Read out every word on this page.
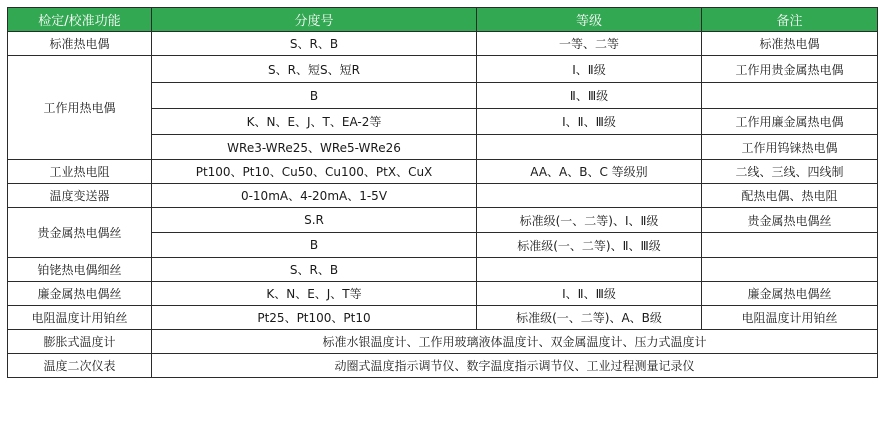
检定/校准功能	分度号	等级	备注
标准热电偶	S、R、B	一等、二等	标准热电偶
工作用热电偶	S、R、短S、短R	Ⅰ、Ⅱ级	工作用贵金属热电偶
	B	Ⅱ、Ⅲ级	
	K、N、E、J、T、EA-2等	Ⅰ、Ⅱ、Ⅲ级	工作用廉金属热电偶
	WRe3-WRe25、WRe5-WRe26		工作用钨铼热电偶
工业热电阻	Pt100、Pt10、Cu50、Cu100、PtX、CuX	AA、A、B、C 等级别	二线、三线、四线制
温度变送器	0-10mA、4-20mA、1-5V		配热电偶、热电阻
贵金属热电偶丝	S.R	标准级(一、二等)、Ⅰ、Ⅱ级	贵金属热电偶丝
	B	标准级(一、二等)、Ⅱ、Ⅲ级	
铂铑热电偶细丝	S、R、B		
廉金属热电偶丝	K、N、E、J、T等	Ⅰ、Ⅱ、Ⅲ级	廉金属热电偶丝
电阻温度计用铂丝	Pt25、Pt100、Pt10	标准级(一、二等)、A、B级	电阻温度计用铂丝
膨胀式温度计	标准水银温度计、工作用玻璃液体温度计、双金属温度计、压力式温度计		
温度二次仪表	动圈式温度指示调节仪、数字温度指示调节仪、工业过程测量记录仪		
